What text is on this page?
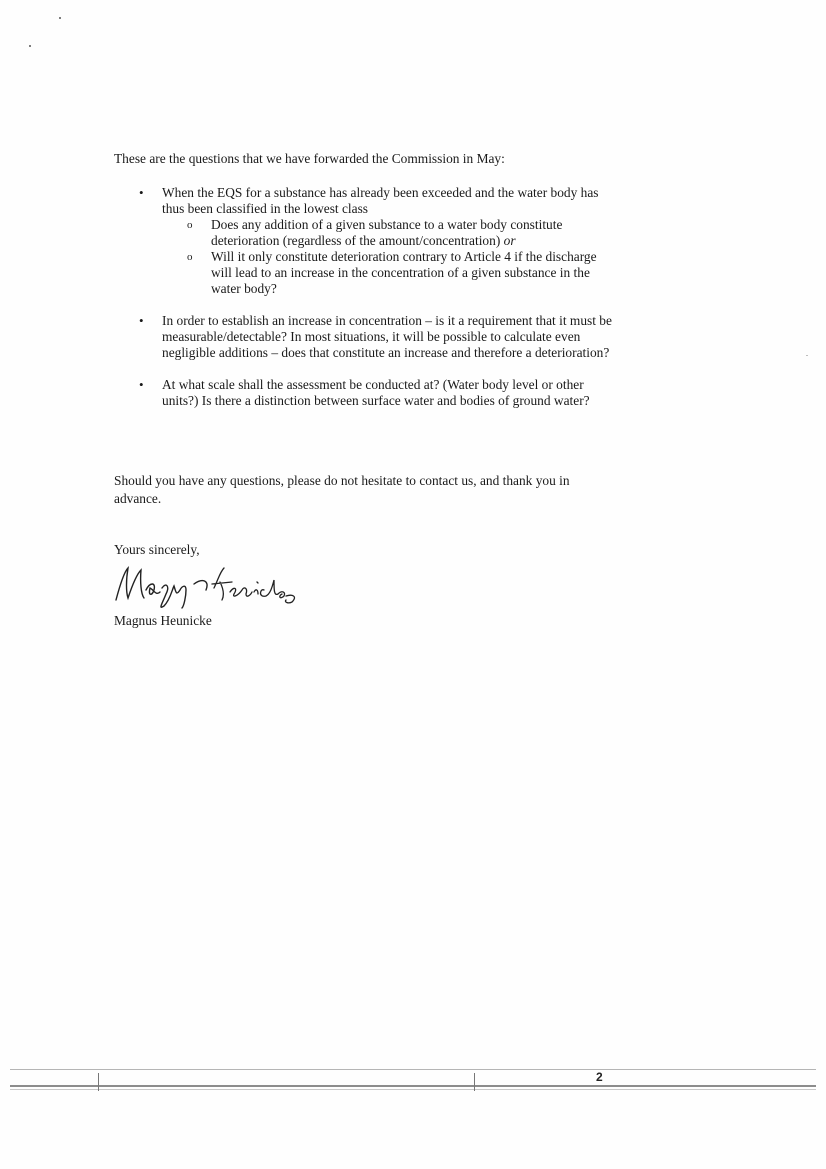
These are the questions that we have forwarded the Commission in May:

• When the EQS for a substance has already been exceeded and the water body has thus been classified in the lowest class
o Does any addition of a given substance to a water body constitute deterioration (regardless of the amount/concentration) or
o Will it only constitute deterioration contrary to Article 4 if the discharge will lead to an increase in the concentration of a given substance in the water body?
• In order to establish an increase in concentration – is it a requirement that it must be measurable/detectable? In most situations, it will be possible to calculate even negligible additions – does that constitute an increase and therefore a deterioration?
• At what scale shall the assessment be conducted at? (Water body level or other units?) Is there a distinction between surface water and bodies of ground water?

Should you have any questions, please do not hesitate to contact us, and thank you in advance.

Yours sincerely,

Magnus Heunicke

2
